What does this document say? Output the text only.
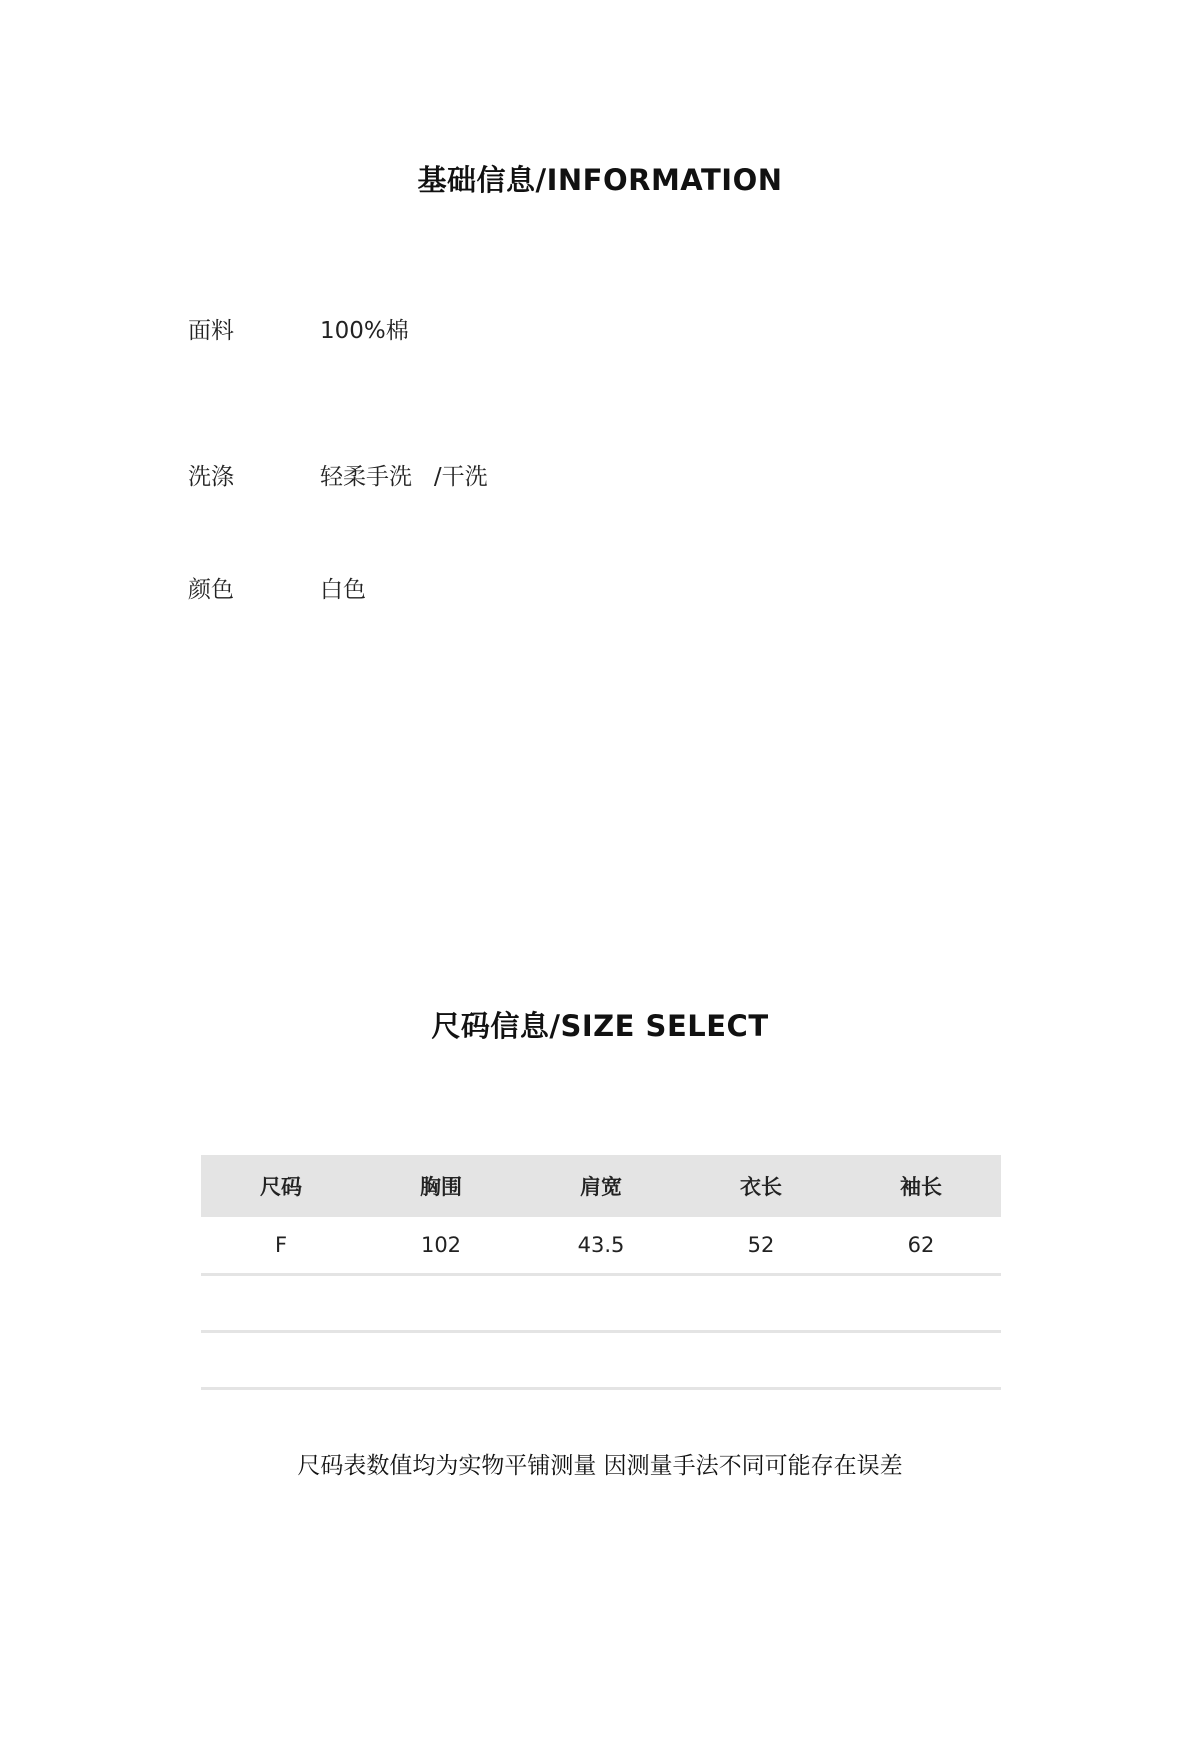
基础信息/INFORMATION
面料	100%棉
洗涤	轻柔手洗   /干洗
颜色	白色
尺码信息/SIZE SELECT
尺码	胸围	肩宽	衣长	袖长
F	102	43.5	52	62

尺码表数值均为实物平铺测量 因测量手法不同可能存在误差
